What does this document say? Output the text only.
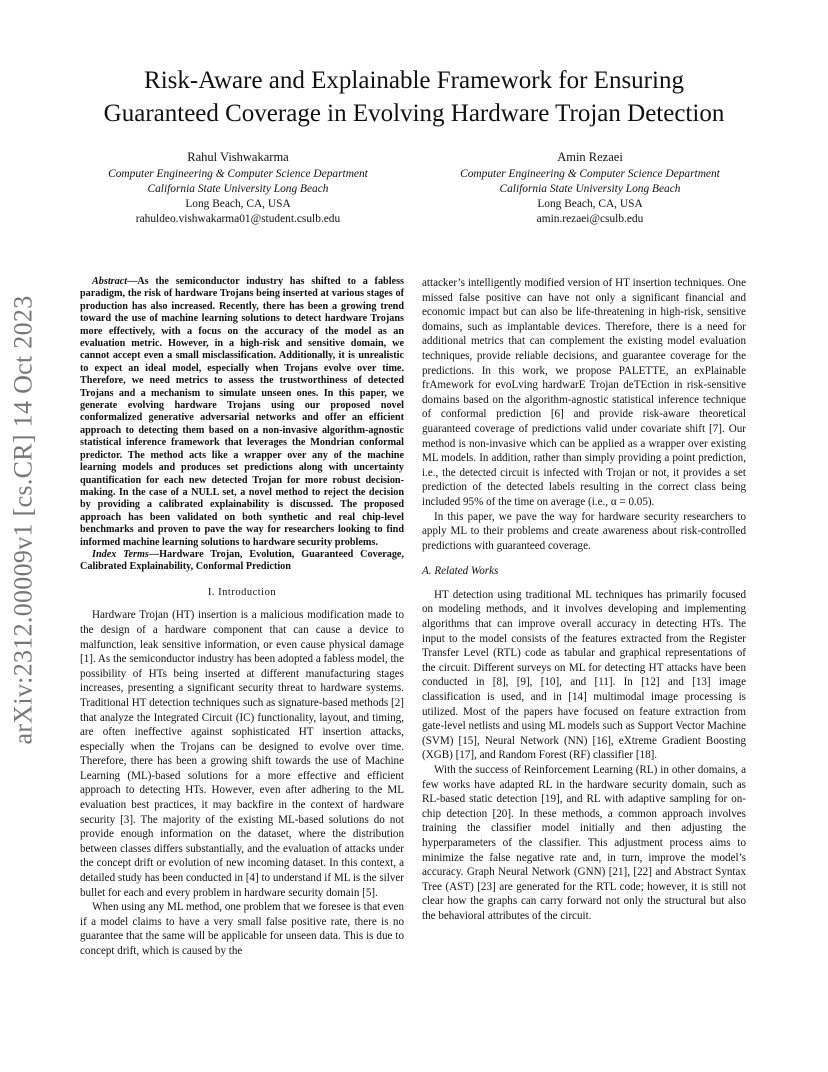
arXiv:2312.00009v1 [cs.CR] 14 Oct 2023
Risk-Aware and Explainable Framework for Ensuring
Guaranteed Coverage in Evolving Hardware Trojan Detection
Rahul Vishwakarma
Computer Engineering & Computer Science Department
California State University Long Beach
Long Beach, CA, USA
rahuldeo.vishwakarma01@student.csulb.edu
Amin Rezaei
Computer Engineering & Computer Science Department
California State University Long Beach
Long Beach, CA, USA
amin.rezaei@csulb.edu

Abstract—As the semiconductor industry has shifted to a fabless paradigm, the risk of hardware Trojans being inserted at various stages of production has also increased. Recently, there has been a growing trend toward the use of machine learning solutions to detect hardware Trojans more effectively, with a focus on the accuracy of the model as an evaluation metric. However, in a high-risk and sensitive domain, we cannot accept even a small misclassification. Additionally, it is unrealistic to expect an ideal model, especially when Trojans evolve over time. Therefore, we need metrics to assess the trustworthiness of detected Trojans and a mechanism to simulate unseen ones. In this paper, we generate evolving hardware Trojans using our proposed novel conformalized generative adversarial networks and offer an efficient approach to detecting them based on a non-invasive algorithm-agnostic statistical inference framework that leverages the Mondrian conformal predictor. The method acts like a wrapper over any of the machine learning models and produces set predictions along with uncertainty quantification for each new detected Trojan for more robust decision-making. In the case of a NULL set, a novel method to reject the decision by providing a calibrated explainability is discussed. The proposed approach has been validated on both synthetic and real chip-level benchmarks and proven to pave the way for researchers looking to find informed machine learning solutions to hardware security problems.

Index Terms—Hardware Trojan, Evolution, Guaranteed Coverage, Calibrated Explainability, Conformal Prediction

I. Introduction

Hardware Trojan (HT) insertion is a malicious modification made to the design of a hardware component that can cause a device to malfunction, leak sensitive information, or even cause physical damage [1]. As the semiconductor industry has been adopted a fabless model, the possibility of HTs being inserted at different manufacturing stages increases, presenting a significant security threat to hardware systems. Traditional HT detection techniques such as signature-based methods [2] that analyze the Integrated Circuit (IC) functionality, layout, and timing, are often ineffective against sophisticated HT insertion attacks, especially when the Trojans can be designed to evolve over time. Therefore, there has been a growing shift towards the use of Machine Learning (ML)-based solutions for a more effective and efficient approach to detecting HTs. However, even after adhering to the ML evaluation best practices, it may backfire in the context of hardware security [3]. The majority of the existing ML-based solutions do not provide enough information on the dataset, where the distribution between classes differs substantially, and the evaluation of attacks under the concept drift or evolution of new incoming dataset. In this context, a detailed study has been conducted in [4] to understand if ML is the silver bullet for each and every problem in hardware security domain [5].

When using any ML method, one problem that we foresee is that even if a model claims to have a very small false positive rate, there is no guarantee that the same will be applicable for unseen data. This is due to concept drift, which is caused by the

attacker’s intelligently modified version of HT insertion techniques. One missed false positive can have not only a significant financial and economic impact but can also be life-threatening in high-risk, sensitive domains, such as implantable devices. Therefore, there is a need for additional metrics that can complement the existing model evaluation techniques, provide reliable decisions, and guarantee coverage for the predictions. In this work, we propose PALETTE, an exPlainable frAmework for evoLving hardwarE Trojan deTEction in risk-sensitive domains based on the algorithm-agnostic statistical inference technique of conformal prediction [6] and provide risk-aware theoretical guaranteed coverage of predictions valid under covariate shift [7]. Our method is non-invasive which can be applied as a wrapper over existing ML models. In addition, rather than simply providing a point prediction, i.e., the detected circuit is infected with Trojan or not, it provides a set prediction of the detected labels resulting in the correct class being included 95% of the time on average (i.e., α = 0.05).

In this paper, we pave the way for hardware security researchers to apply ML to their problems and create awareness about risk-controlled predictions with guaranteed coverage.

A. Related Works

HT detection using traditional ML techniques has primarily focused on modeling methods, and it involves developing and implementing algorithms that can improve overall accuracy in detecting HTs. The input to the model consists of the features extracted from the Register Transfer Level (RTL) code as tabular and graphical representations of the circuit. Different surveys on ML for detecting HT attacks have been conducted in [8], [9], [10], and [11]. In [12] and [13] image classification is used, and in [14] multimodal image processing is utilized. Most of the papers have focused on feature extraction from gate-level netlists and using ML models such as Support Vector Machine (SVM) [15], Neural Network (NN) [16], eXtreme Gradient Boosting (XGB) [17], and Random Forest (RF) classifier [18].

With the success of Reinforcement Learning (RL) in other domains, a few works have adapted RL in the hardware security domain, such as RL-based static detection [19], and RL with adaptive sampling for on-chip detection [20]. In these methods, a common approach involves training the classifier model initially and then adjusting the hyperparameters of the classifier. This adjustment process aims to minimize the false negative rate and, in turn, improve the model’s accuracy. Graph Neural Network (GNN) [21], [22] and Abstract Syntax Tree (AST) [23] are generated for the RTL code; however, it is still not clear how the graphs can carry forward not only the structural but also the behavioral attributes of the circuit.
